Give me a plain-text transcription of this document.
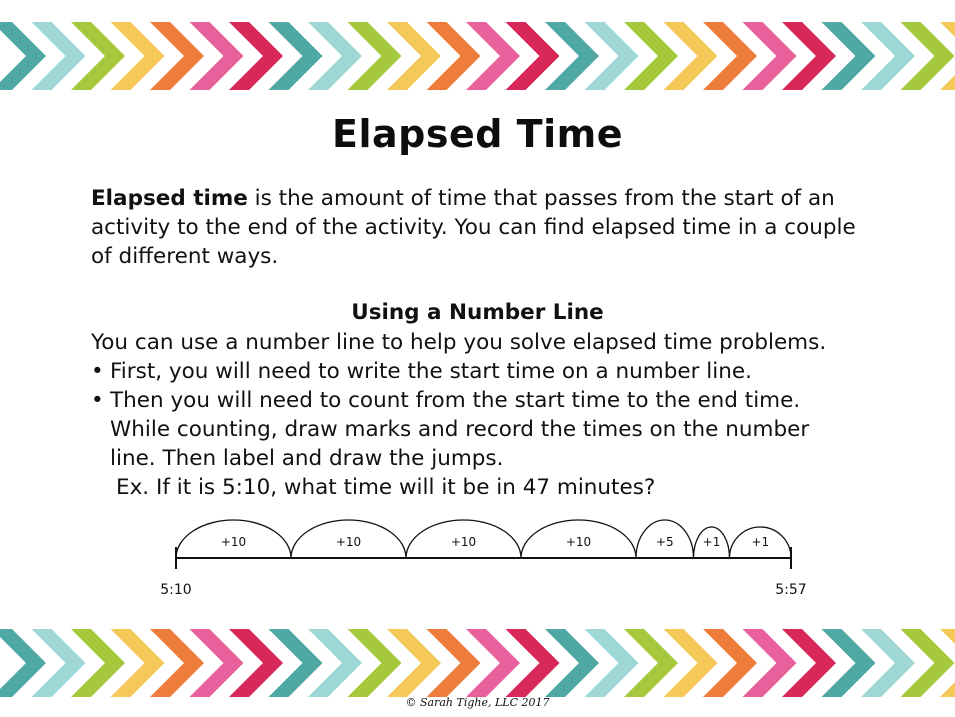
Elapsed Time

Elapsed time is the amount of time that passes from the start of an activity to the end of the activity. You can find elapsed time in a couple of different ways.

Using a Number Line

You can use a number line to help you solve elapsed time problems.

• First, you will need to write the start time on a number line.
• Then you will need to count from the start time to the end time. While counting, draw marks and record the times on the number line. Then label and draw the jumps.

Ex. If it is 5:10, what time will it be in 47 minutes?

5:10	5:57
+10	+10	+10	+10	+5 +1	+1
© Sarah Tighe, LLC 2017
